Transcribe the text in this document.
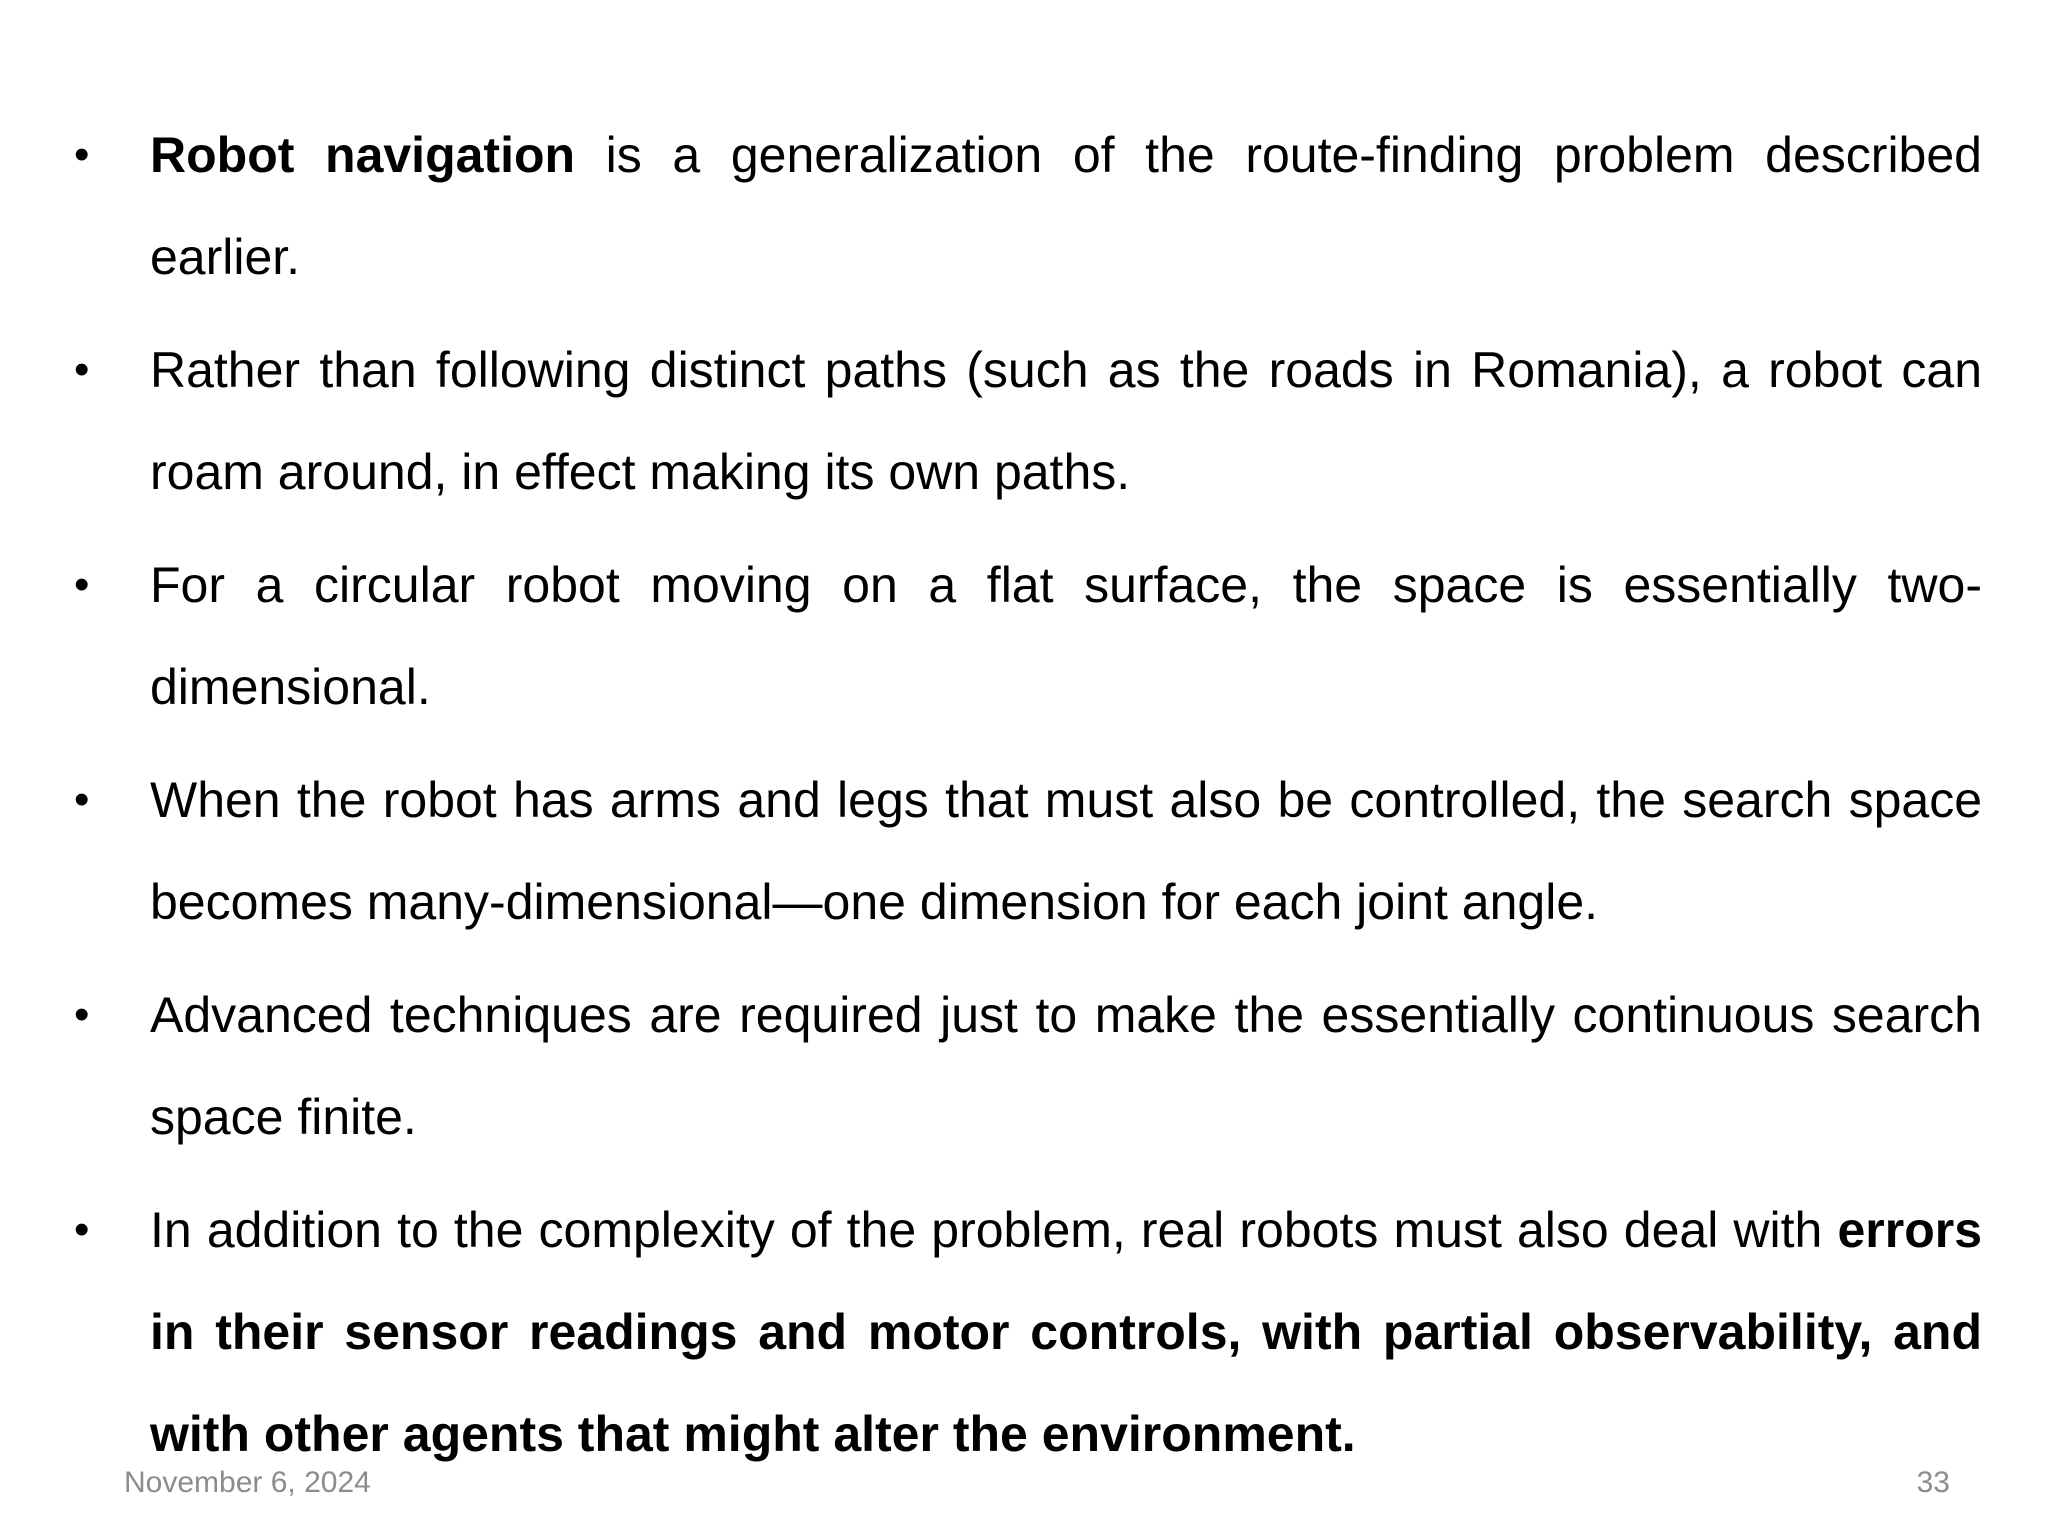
• Robot navigation is a generalization of the route-finding problem described earlier.
• Rather than following distinct paths (such as the roads in Romania), a robot can roam around, in effect making its own paths.
• For a circular robot moving on a flat surface, the space is essentially two-dimensional.
• When the robot has arms and legs that must also be controlled, the search space becomes many-dimensional—one dimension for each joint angle.
• Advanced techniques are required just to make the essentially continuous search space finite.
• In addition to the complexity of the problem, real robots must also deal with errors in their sensor readings and motor controls, with partial observability, and with other agents that might alter the environment.
November 6, 2024	33
